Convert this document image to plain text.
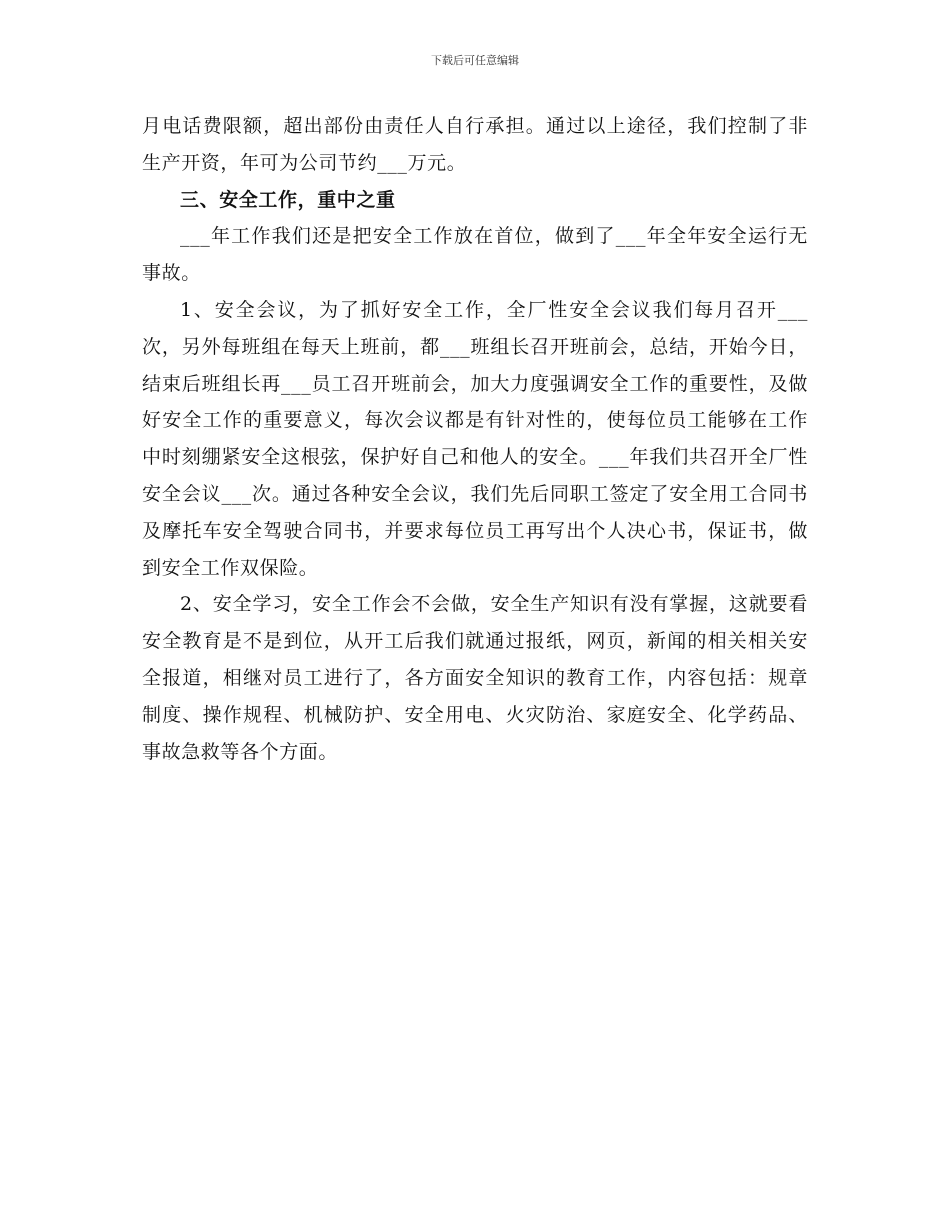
下载后可任意编辑

月电话费限额，超出部份由责任人自行承担。通过以上途径，我们控制了非生产开资，年可为公司节约___万元。

三、安全工作，重中之重

___年工作我们还是把安全工作放在首位，做到了___年全年安全运行无事故。

1、安全会议，为了抓好安全工作，全厂性安全会议我们每月召开___次，另外每班组在每天上班前，都___班组长召开班前会，总结，开始今日，结束后班组长再___员工召开班前会，加大力度强调安全工作的重要性，及做好安全工作的重要意义，每次会议都是有针对性的，使每位员工能够在工作中时刻绷紧安全这根弦，保护好自己和他人的安全。___年我们共召开全厂性安全会议___次。通过各种安全会议，我们先后同职工签定了安全用工合同书及摩托车安全驾驶合同书，并要求每位员工再写出个人决心书，保证书，做到安全工作双保险。

2、安全学习，安全工作会不会做，安全生产知识有没有掌握，这就要看安全教育是不是到位，从开工后我们就通过报纸，网页，新闻的相关相关安全报道，相继对员工进行了，各方面安全知识的教育工作，内容包括：规章制度、操作规程、机械防护、安全用电、火灾防治、家庭安全、化学药品、事故急救等各个方面。
